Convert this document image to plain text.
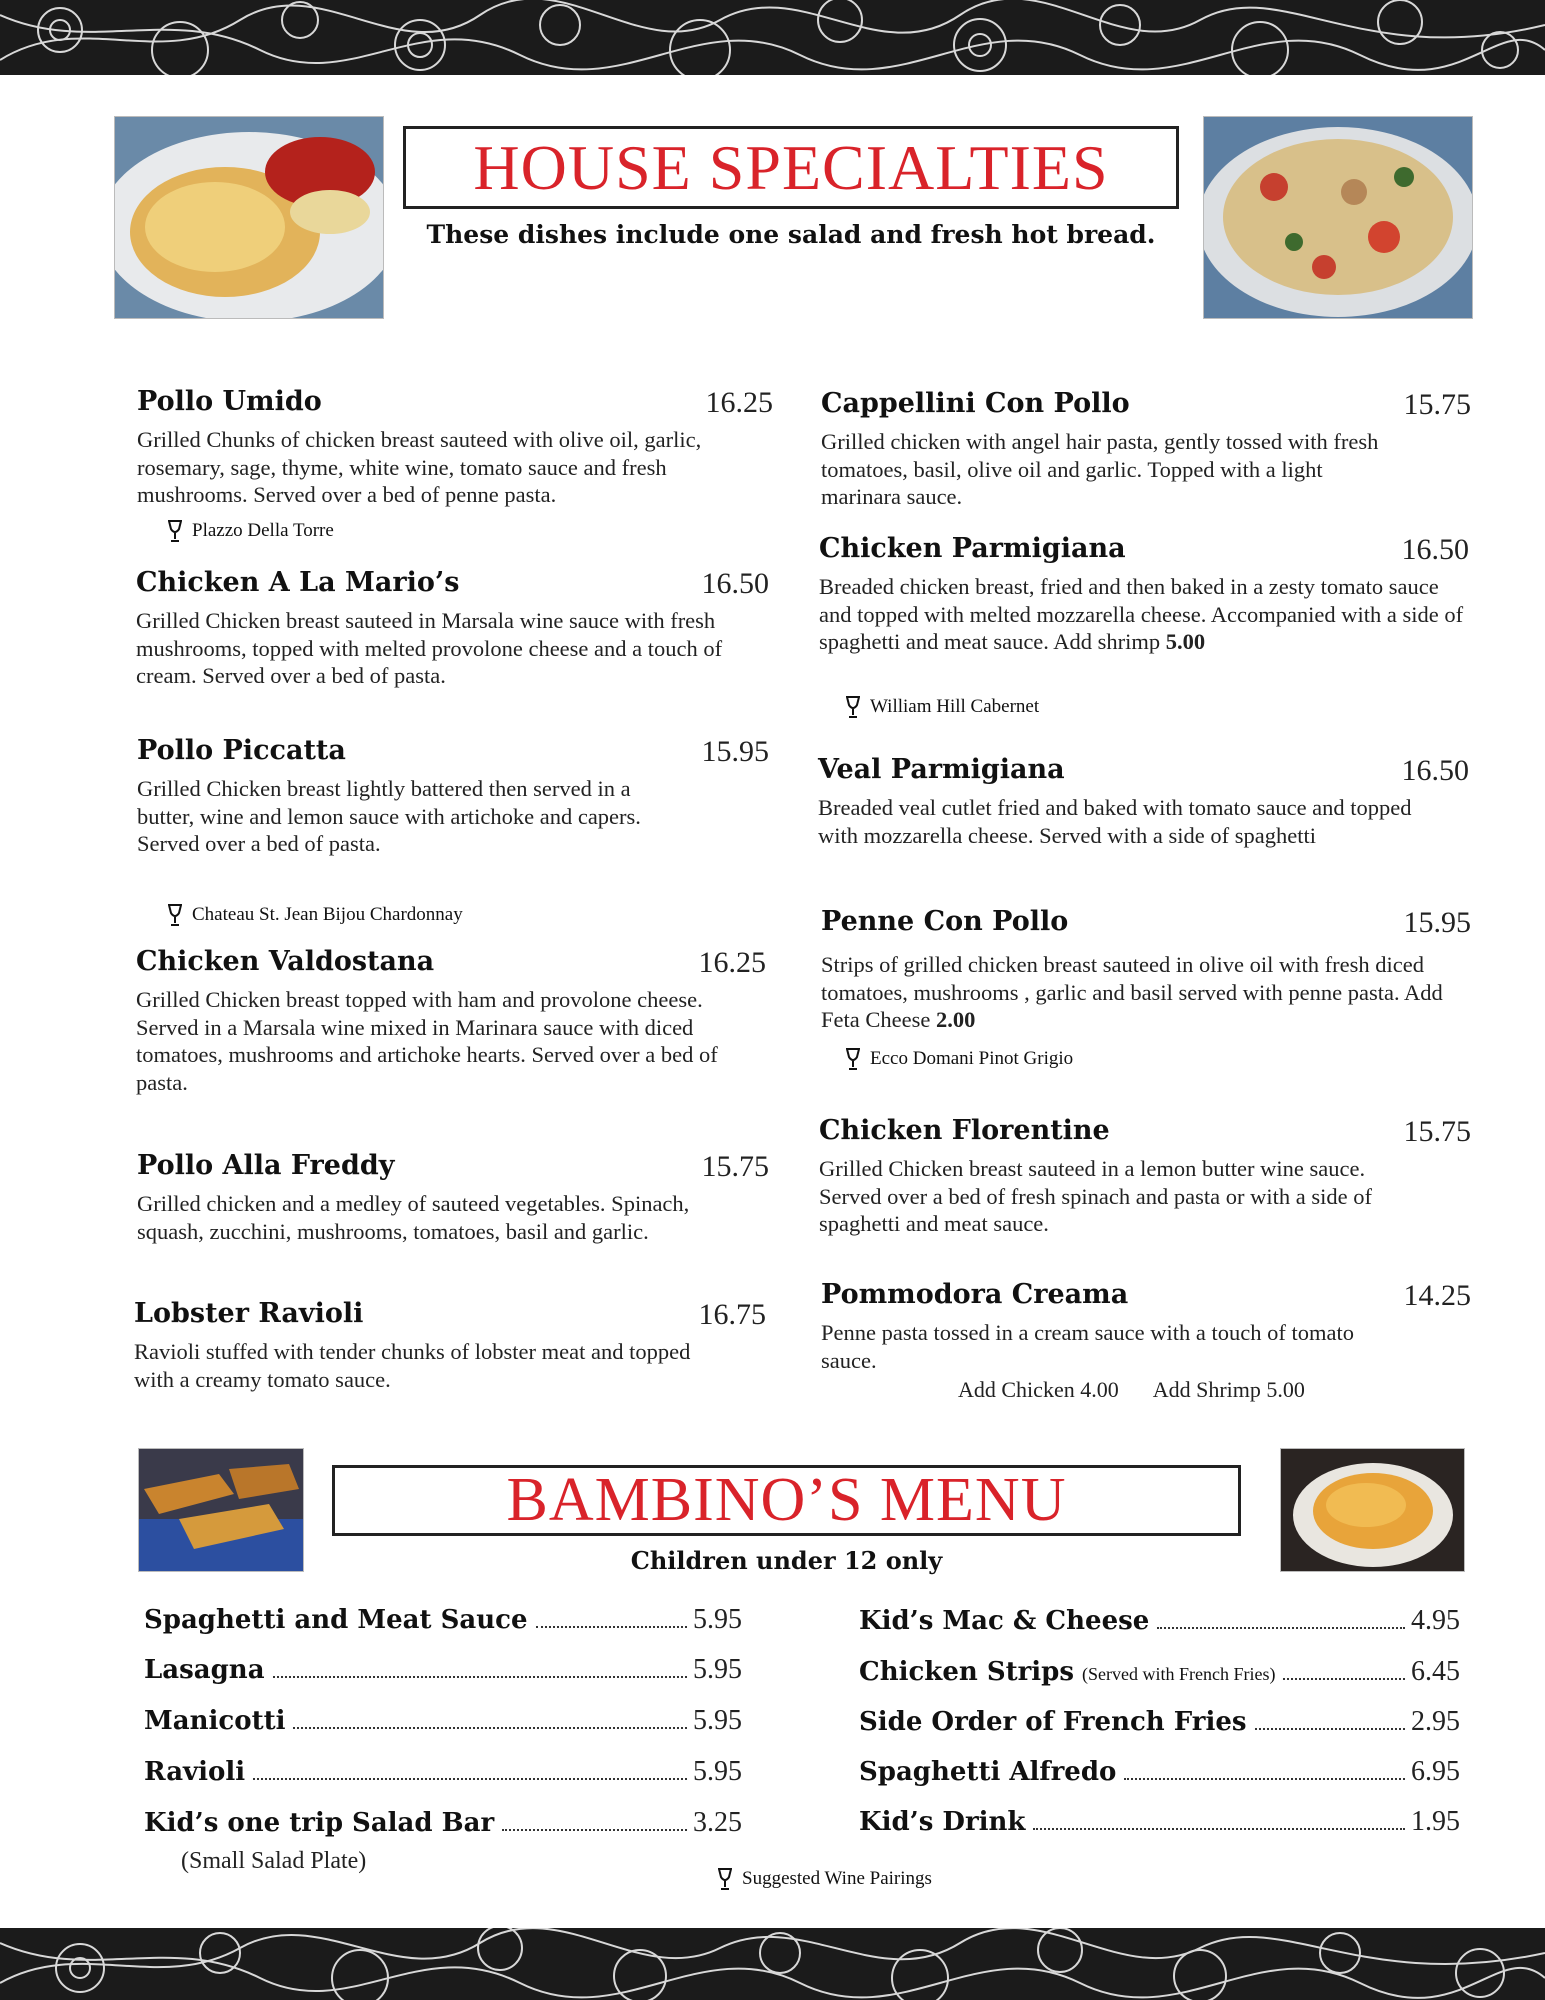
HOUSE SPECIALTIES
These dishes include one salad and fresh hot bread.
Pollo Umido	16.25
Grilled Chunks of chicken breast sauteed with olive oil, garlic, rosemary, sage, thyme, white wine, tomato sauce and fresh mushrooms. Served over a bed of penne pasta.
Plazzo Della Torre
Chicken A La Mario’s	16.50
Grilled Chicken breast sauteed in Marsala wine sauce with fresh mushrooms, topped with melted provolone cheese and a touch of cream. Served over a bed of pasta.
Pollo Piccatta	15.95
Grilled Chicken breast lightly battered then served in a butter, wine and lemon sauce with artichoke and capers. Served over a bed of pasta.
Chateau St. Jean Bijou Chardonnay
Chicken Valdostana	16.25
Grilled Chicken breast topped with ham and provolone cheese. Served in a Marsala wine mixed in Marinara sauce with diced tomatoes, mushrooms and artichoke hearts. Served over a bed of pasta.
Pollo Alla Freddy	15.75
Grilled chicken and a medley of sauteed vegetables. Spinach, squash, zucchini, mushrooms, tomatoes, basil and garlic.
Lobster Ravioli	16.75
Ravioli stuffed with tender chunks of lobster meat and topped with a creamy tomato sauce.
Cappellini Con Pollo	15.75
Grilled chicken with angel hair pasta, gently tossed with fresh tomatoes, basil, olive oil and garlic. Topped with a light marinara sauce.
Chicken Parmigiana	16.50
Breaded chicken breast, fried and then baked in a zesty tomato sauce and topped with melted mozzarella cheese. Accompanied with a side of spaghetti and meat sauce. Add shrimp 5.00
William Hill Cabernet
Veal Parmigiana	16.50
Breaded veal cutlet fried and baked with tomato sauce and topped with mozzarella cheese. Served with a side of spaghetti
Penne Con Pollo	15.95
Strips of grilled chicken breast sauteed in olive oil with fresh diced tomatoes, mushrooms , garlic and basil served with penne pasta. Add Feta Cheese 2.00
Ecco Domani Pinot Grigio
Chicken Florentine	15.75
Grilled Chicken breast sauteed in a lemon butter wine sauce. Served over a bed of fresh spinach and pasta or with a side of spaghetti and meat sauce.
Pommodora Creama	14.25
Penne pasta tossed in a cream sauce with a touch of tomato sauce.
Add Chicken 4.00 Add Shrimp 5.00
BAMBINO’S MENU
Children under 12 only
Spaghetti and Meat Sauce	5.95
Lasagna	5.95
Manicotti	5.95
Ravioli	5.95
Kid’s one trip Salad Bar	3.25
(Small Salad Plate)
Kid’s Mac & Cheese	4.95
Chicken Strips (Served with French Fries)	6.45
Side Order of French Fries	2.95
Spaghetti Alfredo	6.95
Kid’s Drink	1.95
Suggested Wine Pairings
